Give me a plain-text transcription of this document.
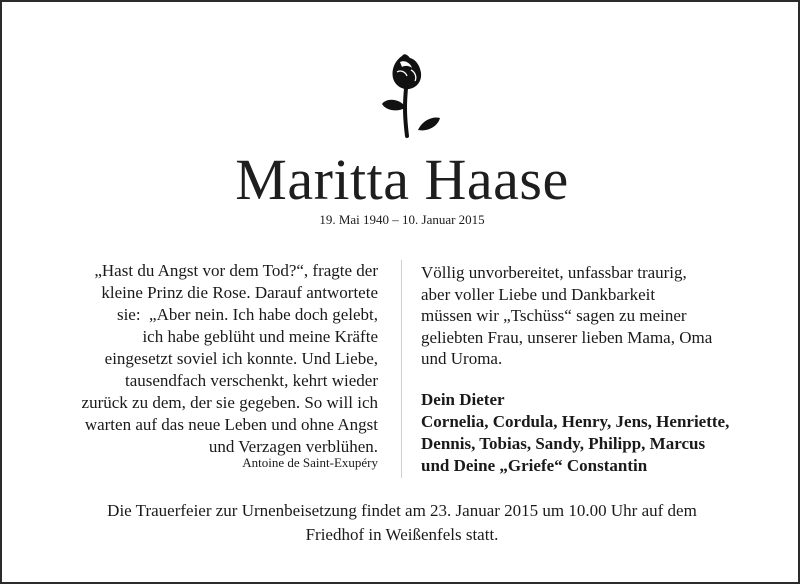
Maritta Haase
19. Mai 1940 – 10. Januar 2015

„Hast du Angst vor dem Tod?“, fragte der

kleine Prinz die Rose. Darauf antwortete

sie:  „Aber nein. Ich habe doch gelebt,

ich habe geblüht und meine Kräfte

eingesetzt soviel ich konnte. Und Liebe,

tausendfach verschenkt, kehrt wieder

zurück zu dem, der sie gegeben. So will ich

warten auf das neue Leben und ohne Angst

und Verzagen verblühen.

Antoine de Saint-Exupéry

Völlig unvorbereitet, unfassbar traurig,

aber voller Liebe und Dankbarkeit

müssen wir „Tschüss“ sagen zu meiner

geliebten Frau, unserer lieben Mama, Oma

und Uroma.

Dein Dieter

Cornelia, Cordula, Henry, Jens, Henriette,

Dennis, Tobias, Sandy, Philipp, Marcus

und Deine „Griefe“ Constantin

Die Trauerfeier zur Urnenbeisetzung findet am 23. Januar 2015 um 10.00 Uhr auf dem

Friedhof in Weißenfels statt.
